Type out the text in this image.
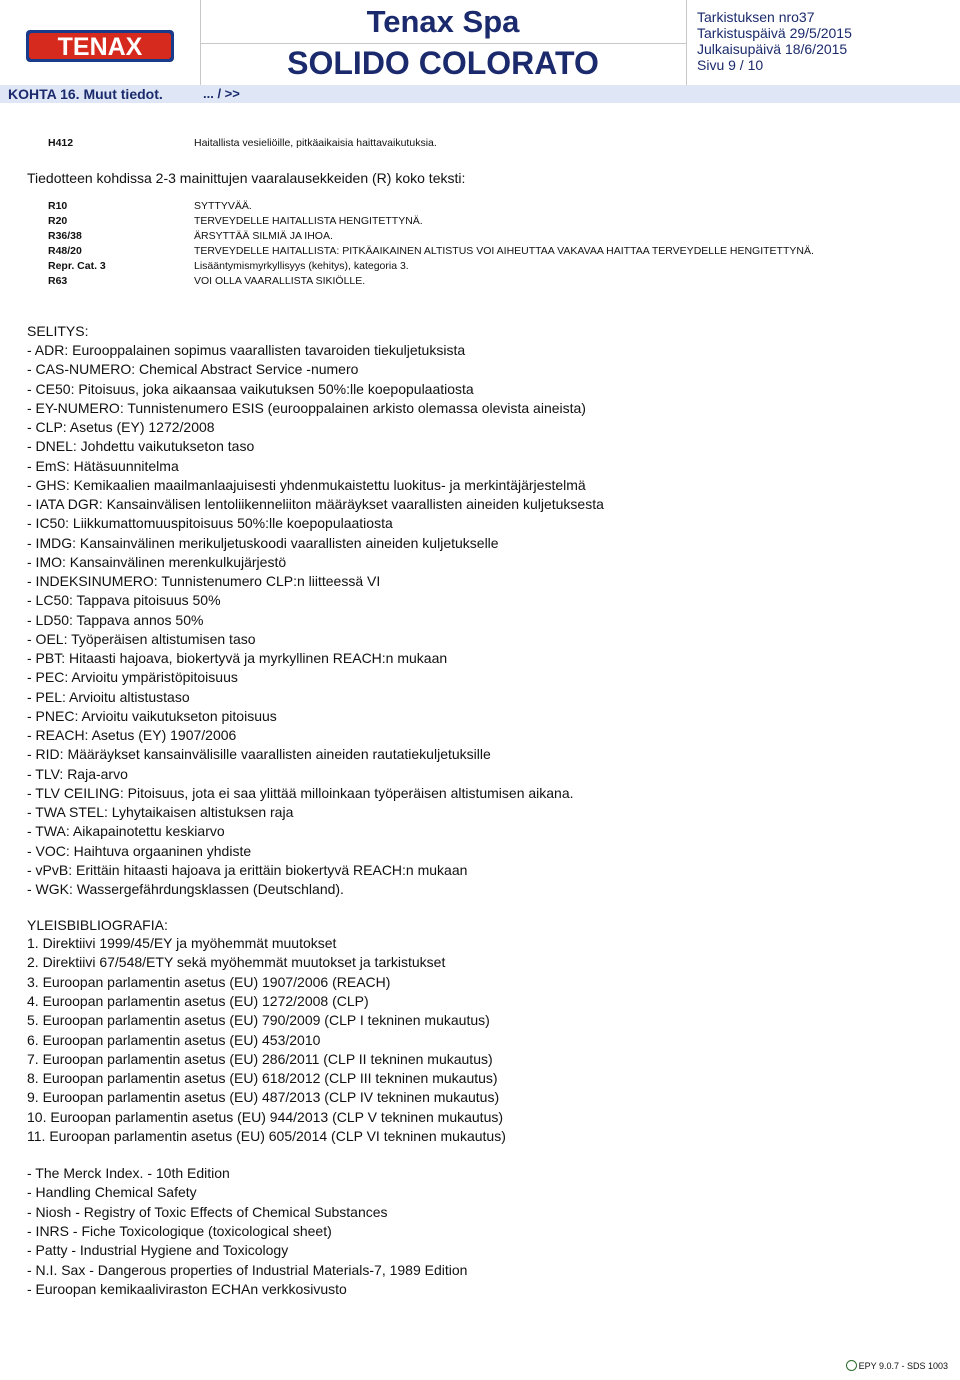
TENAX
Tenax Spa
SOLIDO COLORATO
Tarkistuksen nro37
Tarkistuspäivä 29/5/2015
Julkaisupäivä 18/6/2015
Sivu 9 / 10
KOHTA 16. Muut tiedot.	... / >>
H412	Haitallista vesieliöille, pitkäaikaisia haittavaikutuksia.
Tiedotteen kohdissa 2-3 mainittujen vaaralausekkeiden (R) koko teksti:
R10	SYTTYVÄÄ.
R20	TERVEYDELLE HAITALLISTA HENGITETTYNÄ.
R36/38	ÄRSYTTÄÄ SILMIÄ JA IHOA.
R48/20	TERVEYDELLE HAITALLISTA: PITKÄAIKAINEN ALTISTUS VOI AIHEUTTAA VAKAVAA HAITTAA TERVEYDELLE HENGITETTYNÄ.
Repr. Cat. 3	Lisääntymismyrkyllisyys (kehitys), kategoria 3.
R63	VOI OLLA VAARALLISTA SIKIÖLLE.
SELITYS:
- ADR: Eurooppalainen sopimus vaarallisten tavaroiden tiekuljetuksista
- CAS-NUMERO: Chemical Abstract Service -numero
- CE50: Pitoisuus, joka aikaansaa vaikutuksen 50%:lle koepopulaatiosta
- EY-NUMERO: Tunnistenumero ESIS (eurooppalainen arkisto olemassa olevista aineista)
- CLP: Asetus (EY) 1272/2008
- DNEL: Johdettu vaikutukseton taso
- EmS: Hätäsuunnitelma
- GHS: Kemikaalien maailmanlaajuisesti yhdenmukaistettu luokitus- ja merkintäjärjestelmä
- IATA DGR: Kansainvälisen lentoliikenneliiton määräykset vaarallisten aineiden kuljetuksesta
- IC50: Liikkumattomuuspitoisuus 50%:lle koepopulaatiosta
- IMDG: Kansainvälinen merikuljetuskoodi vaarallisten aineiden kuljetukselle
- IMO: Kansainvälinen merenkulkujärjestö
- INDEKSINUMERO: Tunnistenumero CLP:n liitteessä VI
- LC50: Tappava pitoisuus 50%
- LD50: Tappava annos 50%
- OEL: Työperäisen altistumisen taso
- PBT: Hitaasti hajoava, biokertyvä ja myrkyllinen REACH:n mukaan
- PEC: Arvioitu ympäristöpitoisuus
- PEL: Arvioitu altistustaso
- PNEC: Arvioitu vaikutukseton pitoisuus
- REACH: Asetus (EY) 1907/2006
- RID: Määräykset kansainvälisille vaarallisten aineiden rautatiekuljetuksille
- TLV: Raja-arvo
- TLV CEILING: Pitoisuus, jota ei saa ylittää milloinkaan työperäisen altistumisen aikana.
- TWA STEL: Lyhytaikaisen altistuksen raja
- TWA: Aikapainotettu keskiarvo
- VOC: Haihtuva orgaaninen yhdiste
- vPvB: Erittäin hitaasti hajoava ja erittäin biokertyvä REACH:n mukaan
- WGK: Wassergefährdungsklassen (Deutschland).
YLEISBIBLIOGRAFIA:
1. Direktiivi 1999/45/EY ja myöhemmät muutokset
2. Direktiivi 67/548/ETY sekä myöhemmät muutokset ja tarkistukset
3. Euroopan parlamentin asetus (EU) 1907/2006 (REACH)
4. Euroopan parlamentin asetus (EU) 1272/2008 (CLP)
5. Euroopan parlamentin asetus (EU) 790/2009 (CLP I tekninen mukautus)
6. Euroopan parlamentin asetus (EU) 453/2010
7. Euroopan parlamentin asetus (EU) 286/2011 (CLP II tekninen mukautus)
8. Euroopan parlamentin asetus (EU) 618/2012 (CLP III tekninen mukautus)
9. Euroopan parlamentin asetus (EU) 487/2013 (CLP IV tekninen mukautus)
10. Euroopan parlamentin asetus (EU) 944/2013 (CLP V tekninen mukautus)
11. Euroopan parlamentin asetus (EU) 605/2014 (CLP VI tekninen mukautus)
- The Merck Index. - 10th Edition
- Handling Chemical Safety
- Niosh - Registry of Toxic Effects of Chemical Substances
- INRS - Fiche Toxicologique (toxicological sheet)
- Patty - Industrial Hygiene and Toxicology
- N.I. Sax - Dangerous properties of Industrial Materials-7, 1989 Edition
- Euroopan kemikaaliviraston ECHAn verkkosivusto
EPY 9.0.7 - SDS 1003
